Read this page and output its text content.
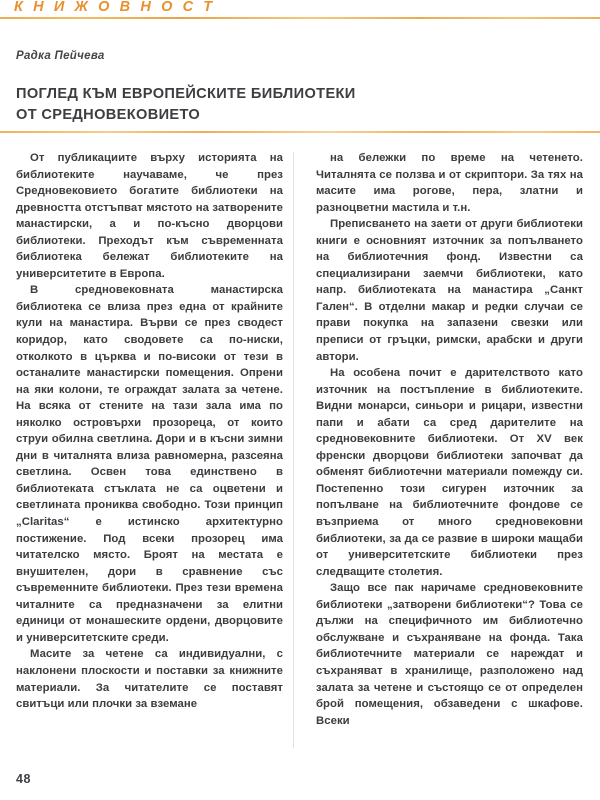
К Н И Ж О В Н О С Т
Радка Пейчева
ПОГЛЕД КЪМ ЕВРОПЕЙСКИТЕ БИБЛИОТЕКИ
ОТ СРЕДНОВЕКОВИЕТО

От публикациите върху историята на библиотеките научаваме, че през Средновековието богатите библиотеки на древността отстъпват мястото на затворените манастирски, а и по-късно дворцови библиотеки. Преходът към съвременната библиотека бележат библиотеките на университетите в Европа.

В средновековната манастирска библиотека се влиза през една от крайните кули на манастира. Върви се през сводест коридор, като сводовете са по-ниски, отколкото в църква и по-високи от тези в останалите манастирски помещения. Опрени на яки колони, те ограждат залата за четене. На всяка от стените на тази зала има по няколко островърхи прозореца, от които струи обилна светлина. Дори и в късни зимни дни в читалнята влиза равномерна, разсеяна светлина. Освен това единствено в библиотеката стъклата не са оцветени и светлината прониква свободно. Този принцип „Claritas“ е истинско архитектурно постижение. Под всеки прозорец има читателско място. Броят на местата е внушителен, дори в сравнение със съвременните библиотеки. През тези времена читалните са предназначени за елитни единици от монашеските ордени, дворцовите и университетските среди.

Масите за четене са индивидуални, с наклонени плоскости и поставки за книжните материали. За читателите се поставят свитъци или плочки за вземане

на бележки по време на четенето. Читалнята се ползва и от скриптори. За тях на масите има рогове, пера, златни и разноцветни мастила и т.н.

Преписването на заети от други библиотеки книги е основният източник за попълването на библиотечния фонд. Известни са специализирани заемчи библиотеки, като напр. библиотеката на манастира „Санкт Гален“. В отделни макар и редки случаи се прави покупка на запазени свезки или преписи от гръцки, римски, арабски и други автори.

На особена почит е дарителството като източник на постъпление в библиотеките. Видни монарси, синьори и рицари, известни папи и абати са сред дарителите на средновековните библиотеки. От XV век френски дворцови библиотеки започват да обменят библиотечни материали помежду си. Постепенно този сигурен източник за попълване на библиотечните фондове се възприема от много средновековни библиотеки, за да се развие в широки мащаби от университетските библиотеки през следващите столетия.

Защо все пак наричаме средновековните библиотеки „затворени библиотеки“? Това се дължи на специфичното им библиотечно обслужване и съхраняване на фонда. Така библиотечните материали се нареждат и съхраняват в хранилище, разположено над залата за четене и състоящо се от определен брой помещения, обзаведени с шкафове. Всеки

48
